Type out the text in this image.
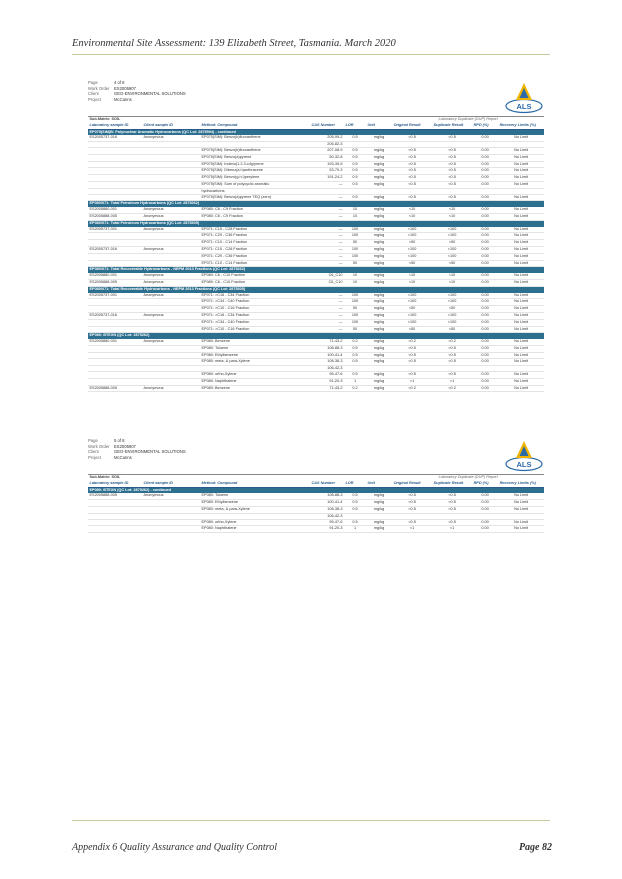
Environmental Site Assessment: 139 Elizabeth Street, Tasmania. March 2020
Page	4 of 8
Work Order	ES2005907
Client	GEO-ENVIRONMENTAL SOLUTIONS
Project	McCanns
ALS
Sub-Matrix: SOIL						Laboratory Duplicate (DUP) Report			
Laboratory sample ID	Client sample ID	Method: Compound	CAS Number	LOR	Unit	Original Result	Duplicate Result	RPD (%)	Recovery Limits (%)
EP075(SIM)B: Polynuclear Aromatic Hydrocarbons (QC Lot: 2875594) - continued									
ES2005737-016	Anonymous	EP075(SIM): Benzo(k)fluoranthene	205-99-2	0.5	mg/kg	<0.5	<0.5	0.00	No Limit
			205-82-3						
		EP075(SIM): Benzo(k)fluoranthene	207-08-9	0.5	mg/kg	<0.5	<0.5	0.00	No Limit
		EP075(SIM): Benzo(a)pyrene	50-32-8	0.5	mg/kg	<0.5	<0.5	0.00	No Limit
		EP075(SIM): Indeno(1.2.3.cd)pyrene	193-39-5	0.5	mg/kg	<0.5	<0.5	0.00	No Limit
		EP075(SIM): Dibenz(a.h)anthracene	53-70-3	0.5	mg/kg	<0.5	<0.5	0.00	No Limit
		EP075(SIM): Benzo(g.h.i)perylene	191-24-2	0.5	mg/kg	<0.5	<0.5	0.00	No Limit
		EP075(SIM): Sum of polycyclic aromatic	—	0.5	mg/kg	<0.5	<0.5	0.00	No Limit
		hydrocarbons							
		EP075(SIM): Benzo(a)pyrene TEQ (zero)	—	0.5	mg/kg	<0.5	<0.5	0.00	No Limit
EP080/071: Total Petroleum Hydrocarbons (QC Lot: 2875262)									
ES2005880-001	Anonymous	EP080: C6 - C9 Fraction	—	10	mg/kg	<10	<10	0.00	No Limit
ES2005888-005	Anonymous	EP080: C6 - C9 Fraction	—	10	mg/kg	<10	<10	0.00	No Limit
EP080/071: Total Petroleum Hydrocarbons (QC Lot: 2875305)									
ES2005737-001	Anonymous	EP071: C15 - C28 Fraction	—	100	mg/kg	<100	<100	0.00	No Limit
		EP071: C29 - C36 Fraction	—	100	mg/kg	<100	<100	0.00	No Limit
		EP071: C10 - C14 Fraction	—	50	mg/kg	<50	<50	0.00	No Limit
ES2005737-016	Anonymous	EP071: C15 - C28 Fraction	—	100	mg/kg	<100	<100	0.00	No Limit
		EP071: C29 - C36 Fraction	—	100	mg/kg	<100	<100	0.00	No Limit
		EP071: C10 - C14 Fraction	—	50	mg/kg	<50	<50	0.00	No Limit
EP080/071: Total Recoverable Hydrocarbons - NEPM 2013 Fractions (QC Lot: 2875262)									
ES2005880-001	Anonymous	EP080: C6 - C10 Fraction	C6_C10	10	mg/kg	<10	<10	0.00	No Limit
ES2005888-005	Anonymous	EP080: C6 - C10 Fraction	C6_C10	10	mg/kg	<10	<10	0.00	No Limit
EP080/071: Total Recoverable Hydrocarbons - NEPM 2013 Fractions (QC Lot: 2875305)									
ES2005737-001	Anonymous	EP071: >C16 - C34 Fraction	—	100	mg/kg	<100	<100	0.00	No Limit
		EP071: >C34 - C40 Fraction	—	100	mg/kg	<100	<100	0.00	No Limit
		EP071: >C10 - C16 Fraction	—	50	mg/kg	<50	<50	0.00	No Limit
ES2005737-016	Anonymous	EP071: >C16 - C34 Fraction	—	100	mg/kg	<100	<100	0.00	No Limit
		EP071: >C34 - C40 Fraction	—	100	mg/kg	<100	<100	0.00	No Limit
		EP071: >C10 - C16 Fraction	—	50	mg/kg	<50	<50	0.00	No Limit
EP080: BTEXN (QC Lot: 2875262)									
ES2005880-001	Anonymous	EP080: Benzene	71-43-2	0.2	mg/kg	<0.2	<0.2	0.00	No Limit
		EP080: Toluene	108-88-3	0.5	mg/kg	<0.5	<0.5	0.00	No Limit
		EP080: Ethylbenzene	100-41-4	0.5	mg/kg	<0.5	<0.5	0.00	No Limit
		EP080: meta- & para-Xylene	108-38-3	0.5	mg/kg	<0.5	<0.5	0.00	No Limit
			106-42-3						
		EP080: ortho-Xylene	95-47-6	0.5	mg/kg	<0.5	<0.5	0.00	No Limit
		EP080: Naphthalene	91-20-3	1	mg/kg	<1	<1	0.00	No Limit
ES2005888-005	Anonymous	EP080: Benzene	71-43-2	0.2	mg/kg	<0.2	<0.2	0.00	No Limit
Page	5 of 8
Work Order	ES2005907
Client	GEO-ENVIRONMENTAL SOLUTIONS
Project	McCanns
ALS
Sub-Matrix: SOIL						Laboratory Duplicate (DUP) Report			
Laboratory sample ID	Client sample ID	Method: Compound	CAS Number	LOR	Unit	Original Result	Duplicate Result	RPD (%)	Recovery Limits (%)
EP080: BTEXN (QC Lot: 2875262) - continued									
ES2005888-005	Anonymous	EP080: Toluene	108-88-3	0.5	mg/kg	<0.5	<0.5	0.00	No Limit
		EP080: Ethylbenzene	100-41-4	0.5	mg/kg	<0.5	<0.5	0.00	No Limit
		EP080: meta- & para-Xylene	108-38-3	0.5	mg/kg	<0.5	<0.5	0.00	No Limit
			106-42-3						
		EP080: ortho-Xylene	95-47-6	0.5	mg/kg	<0.5	<0.5	0.00	No Limit
		EP080: Naphthalene	91-20-3	1	mg/kg	<1	<1	0.00	No Limit
Appendix 6 Quality Assurance and Quality Control	Page 82
